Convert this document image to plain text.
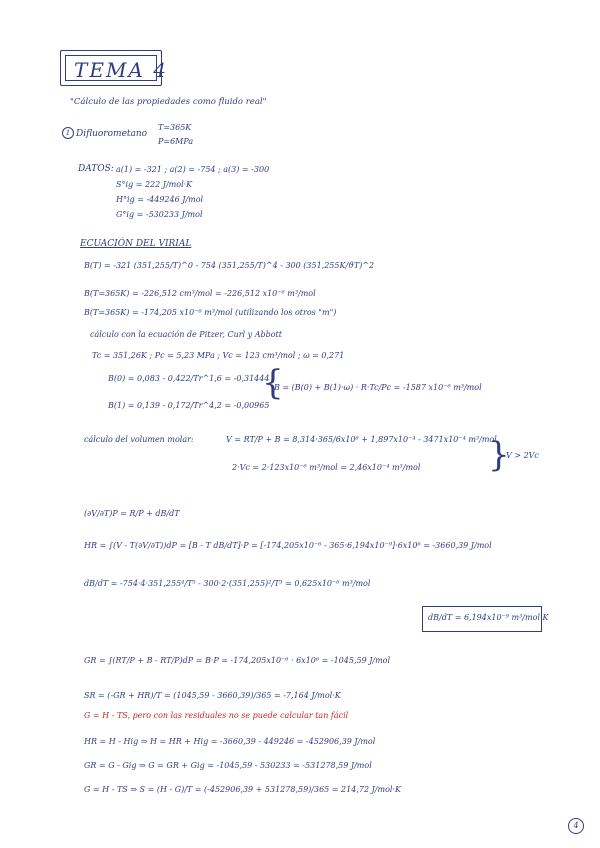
TEMA 4
"Cálculo de las propiedades como fluido real"
1 Difluorometano
T=365K
P=6MPa
DATOS: a(1) = -321 ; a(2) = -754 ; a(3) = -300
S°ig = 222 J/mol·K
H°ig = -449246 J/mol
G°ig = -530233 J/mol
ECUACIÓN DEL VIRIAL
B(T) = -321 (351,255/T)^0 - 754 (351,255/T)^4 - 300 (351,255K/ϑT)^2
B(T=365K) = -226,512 cm³/mol = -226,512 x10⁻⁶ m³/mol
B(T=365K) = -174,205 x10⁻⁶ m³/mol (utilizando los otros "m")
cálculo con la ecuación de Pitzer, Curl y Abbott
Tc = 351,26K ; Pc = 5,23 MPa ; Vc = 123 cm³/mol ; ω = 0,271
B(0) = 0,083 - 0,422/Tr^1,6 = -0,31444
B(1) = 0,139 - 0,172/Tr^4,2 = -0,00965
{
B = (B(0) + B(1)·ω) · R·Tc/Pc = -1587 x10⁻⁶ m³/mol
cálculo del volumen molar:	V = RT/P + B = 8,314·365/6x10⁶ + 1,897x10⁻⁴ - 3471x10⁻⁴ m³/mol
2·Vc = 2·123x10⁻⁶ m³/mol = 2,46x10⁻⁴ m³/mol }
V > 2Vc
(∂V/∂T)P = R/P + dB/dT
HR = ∫(V - T(∂V/∂T))dP = [B - T dB/dT]·P = [-174,205x10⁻⁶ - 365·6,194x10⁻⁹]·6x10⁶ = -3660,39 J/mol
dB/dT = -754·4·351,255⁴/T⁵ - 300·2·(351,255)²/T³ = 0,625x10⁻⁶ m³/mol
dB/dT = 6,194x10⁻⁹ m³/mol·K
GR = ∫(RT/P + B - RT/P)dP = B·P = -174,205x10⁻⁶ · 6x10⁶ = -1045,59 J/mol
SR = (-GR + HR)/T = (1045,59 - 3660,39)/365 = -7,164 J/mol·K
G = H - TS, pero con las residuales no se puede calcular tan fácil
HR = H - Hig ⇒ H = HR + Hig = -3660,39 - 449246 = -452906,39 J/mol
GR = G - Gig ⇒ G = GR + Gig = -1045,59 - 530233 = -531278,59 J/mol
G = H - TS ⇒ S = (H - G)/T = (-452906,39 + 531278,59)/365 = 214,72 J/mol·K
4
